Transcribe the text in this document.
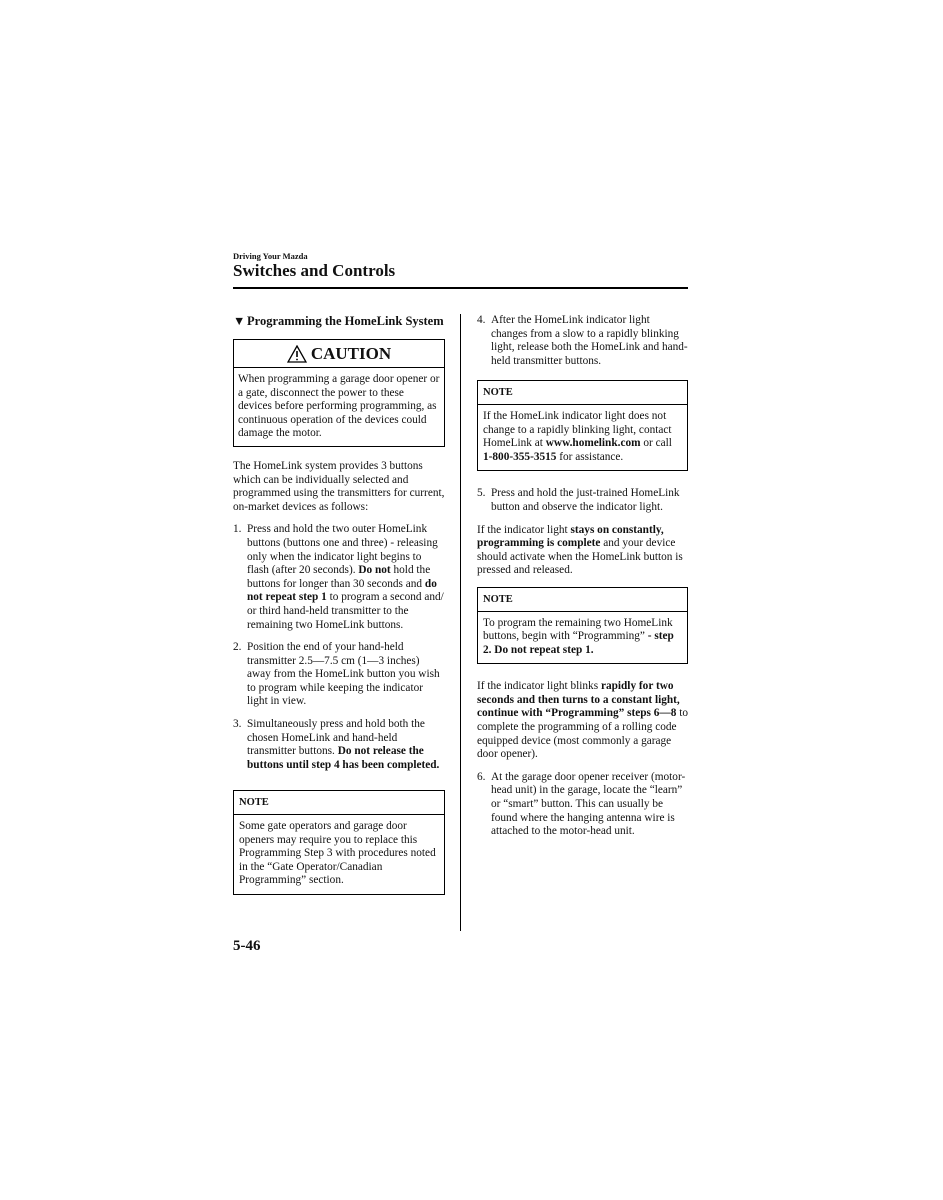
Driving Your Mazda

Switches and Controls
▼ Programming the HomeLink System
CAUTION
When programming a garage door opener or a gate, disconnect the power to these devices before performing programming, as continuous operation of the devices could damage the motor.

The HomeLink system provides 3 buttons which can be individually selected and programmed using the transmitters for current, on-market devices as follows:

1. Press and hold the two outer HomeLink buttons (buttons one and three) - releasing only when the indicator light begins to flash (after 20 seconds). Do not hold the buttons for longer than 30 seconds and do not repeat step 1 to program a second and/ or third hand-held transmitter to the remaining two HomeLink buttons.
2. Position the end of your hand-held transmitter 2.5—7.5 cm (1—3 inches) away from the HomeLink button you wish to program while keeping the indicator light in view.
3. Simultaneously press and hold both the chosen HomeLink and hand-held transmitter buttons. Do not release the buttons until step 4 has been completed.
NOTE
Some gate operators and garage door openers may require you to replace this Programming Step 3 with procedures noted in the “Gate Operator/Canadian Programming” section.
4. After the HomeLink indicator light changes from a slow to a rapidly blinking light, release both the HomeLink and hand-held transmitter buttons.
NOTE
If the HomeLink indicator light does not change to a rapidly blinking light, contact HomeLink at www.homelink.com or call 1-800-355-3515 for assistance.
5. Press and hold the just-trained HomeLink button and observe the indicator light.

If the indicator light stays on constantly, programming is complete and your device should activate when the HomeLink button is pressed and released.

NOTE
To program the remaining two HomeLink buttons, begin with “Programming” - step 2. Do not repeat step 1.

If the indicator light blinks rapidly for two seconds and then turns to a constant light, continue with “Programming” steps 6—8 to complete the programming of a rolling code equipped device (most commonly a garage door opener).

6. At the garage door opener receiver (motor-head unit) in the garage, locate the “learn” or “smart” button. This can usually be found where the hanging antenna wire is attached to the motor-head unit.

5-46
